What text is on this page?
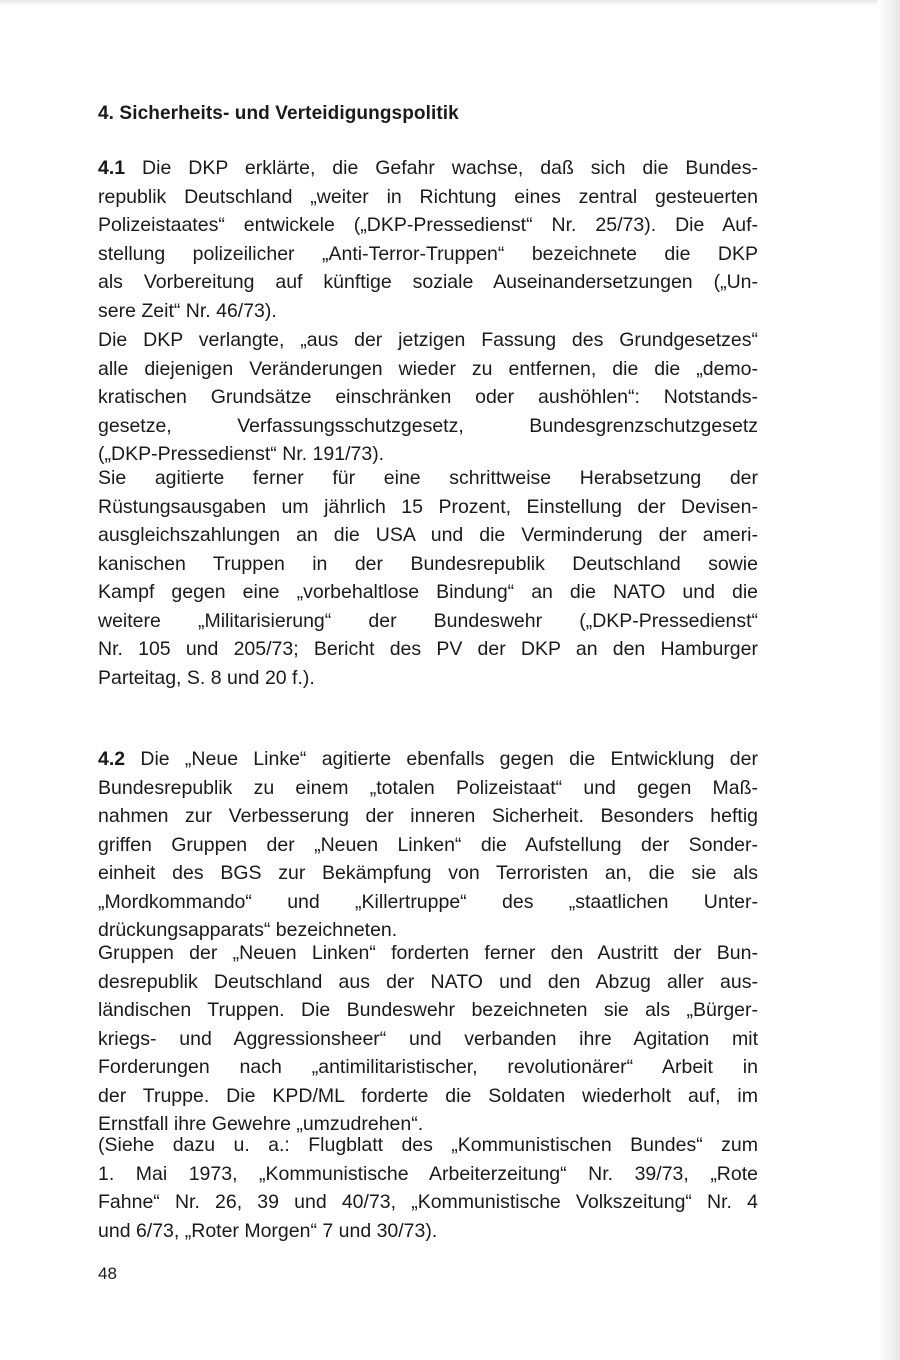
4. Sicherheits- und Verteidigungspolitik
4.1 Die DKP erklärte, die Gefahr wachse, daß sich die Bundes-
republik Deutschland „weiter in Richtung eines zentral gesteuerten
Polizeistaates“ entwickele („DKP-Pressedienst“ Nr. 25/73). Die Auf-
stellung polizeilicher „Anti-Terror-Truppen“ bezeichnete die DKP
als Vorbereitung auf künftige soziale Auseinandersetzungen („Un-
sere Zeit“ Nr. 46/73).
Die DKP verlangte, „aus der jetzigen Fassung des Grundgesetzes“
alle diejenigen Veränderungen wieder zu entfernen, die die „demo-
kratischen Grundsätze einschränken oder aushöhlen“: Notstands-
gesetze, Verfassungsschutzgesetz, Bundesgrenzschutzgesetz
(„DKP-Pressedienst“ Nr. 191/73).
Sie agitierte ferner für eine schrittweise Herabsetzung der
Rüstungsausgaben um jährlich 15 Prozent, Einstellung der Devisen-
ausgleichszahlungen an die USA und die Verminderung der ameri-
kanischen Truppen in der Bundesrepublik Deutschland sowie
Kampf gegen eine „vorbehaltlose Bindung“ an die NATO und die
weitere „Militarisierung“ der Bundeswehr („DKP-Pressedienst“
Nr. 105 und 205/73; Bericht des PV der DKP an den Hamburger
Parteitag, S. 8 und 20 f.).
4.2 Die „Neue Linke“ agitierte ebenfalls gegen die Entwicklung der
Bundesrepublik zu einem „totalen Polizeistaat“ und gegen Maß-
nahmen zur Verbesserung der inneren Sicherheit. Besonders heftig
griffen Gruppen der „Neuen Linken“ die Aufstellung der Sonder-
einheit des BGS zur Bekämpfung von Terroristen an, die sie als
„Mordkommando“ und „Killertruppe“ des „staatlichen Unter-
drückungsapparats“ bezeichneten.
Gruppen der „Neuen Linken“ forderten ferner den Austritt der Bun-
desrepublik Deutschland aus der NATO und den Abzug aller aus-
ländischen Truppen. Die Bundeswehr bezeichneten sie als „Bürger-
kriegs- und Aggressionsheer“ und verbanden ihre Agitation mit
Forderungen nach „antimilitaristischer, revolutionärer“ Arbeit in
der Truppe. Die KPD/ML forderte die Soldaten wiederholt auf, im
Ernstfall ihre Gewehre „umzudrehen“.
(Siehe dazu u. a.: Flugblatt des „Kommunistischen Bundes“ zum
1. Mai 1973, „Kommunistische Arbeiterzeitung“ Nr. 39/73, „Rote
Fahne“ Nr. 26, 39 und 40/73, „Kommunistische Volkszeitung“ Nr. 4
und 6/73, „Roter Morgen“ 7 und 30/73).
48
